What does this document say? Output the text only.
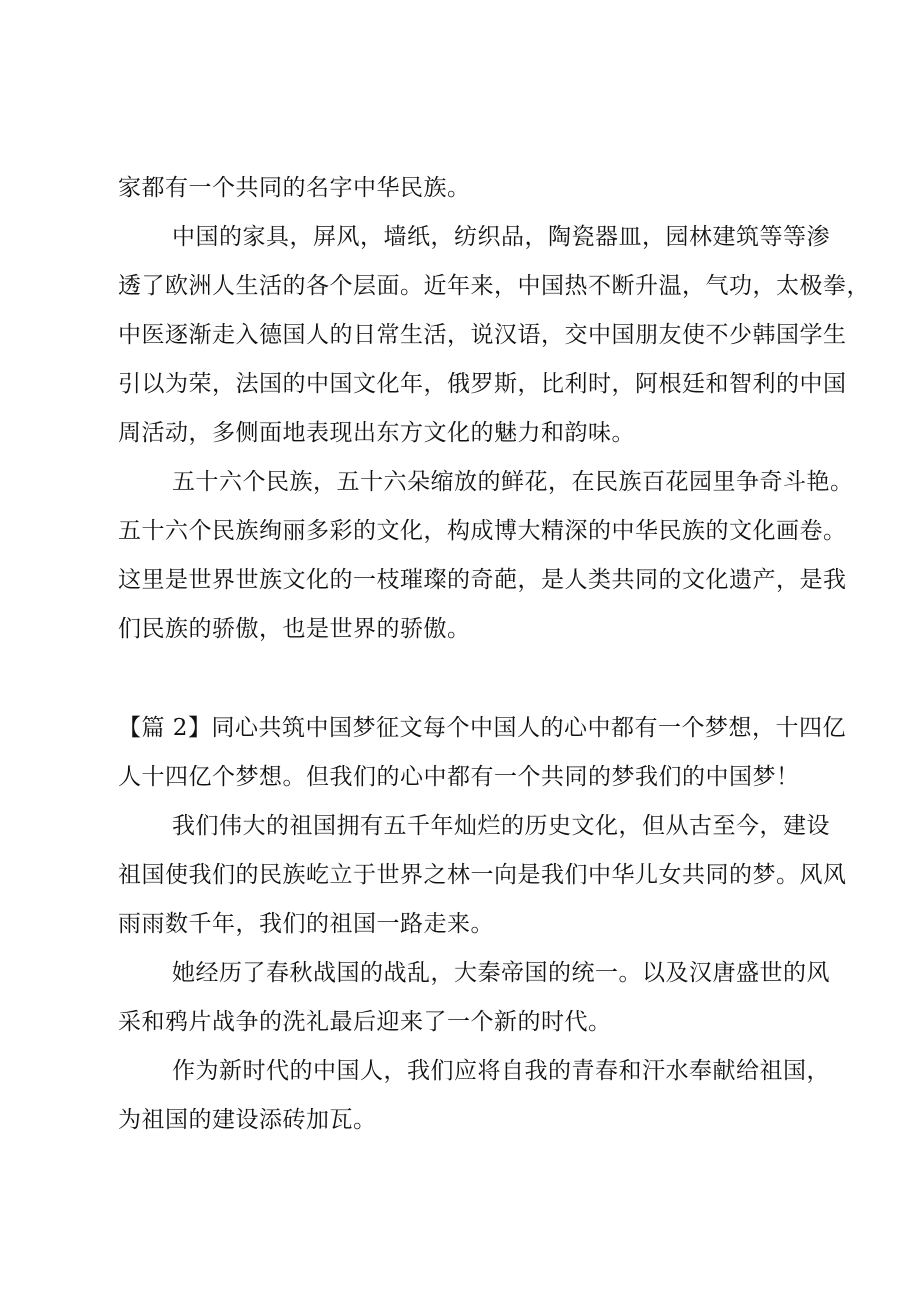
家都有一个共同的名字中华民族。
中国的家具，屏风，墙纸，纺织品，陶瓷器皿，园林建筑等等渗
透了欧洲人生活的各个层面。近年来，中国热不断升温，气功，太极拳，
中医逐渐走入德国人的日常生活，说汉语，交中国朋友使不少韩国学生
引以为荣，法国的中国文化年，俄罗斯，比利时，阿根廷和智利的中国
周活动，多侧面地表现出东方文化的魅力和韵味。
五十六个民族，五十六朵缩放的鲜花，在民族百花园里争奇斗艳。
五十六个民族绚丽多彩的文化，构成博大精深的中华民族的文化画卷。
这里是世界世族文化的一枝璀璨的奇葩，是人类共同的文化遗产，是我
们民族的骄傲，也是世界的骄傲。
【篇 2】同心共筑中国梦征文每个中国人的心中都有一个梦想，十四亿
人十四亿个梦想。但我们的心中都有一个共同的梦我们的中国梦！
我们伟大的祖国拥有五千年灿烂的历史文化，但从古至今，建设
祖国使我们的民族屹立于世界之林一向是我们中华儿女共同的梦。风风
雨雨数千年，我们的祖国一路走来。
她经历了春秋战国的战乱，大秦帝国的统一。以及汉唐盛世的风
采和鸦片战争的洗礼最后迎来了一个新的时代。
作为新时代的中国人，我们应将自我的青春和汗水奉献给祖国，
为祖国的建设添砖加瓦。
